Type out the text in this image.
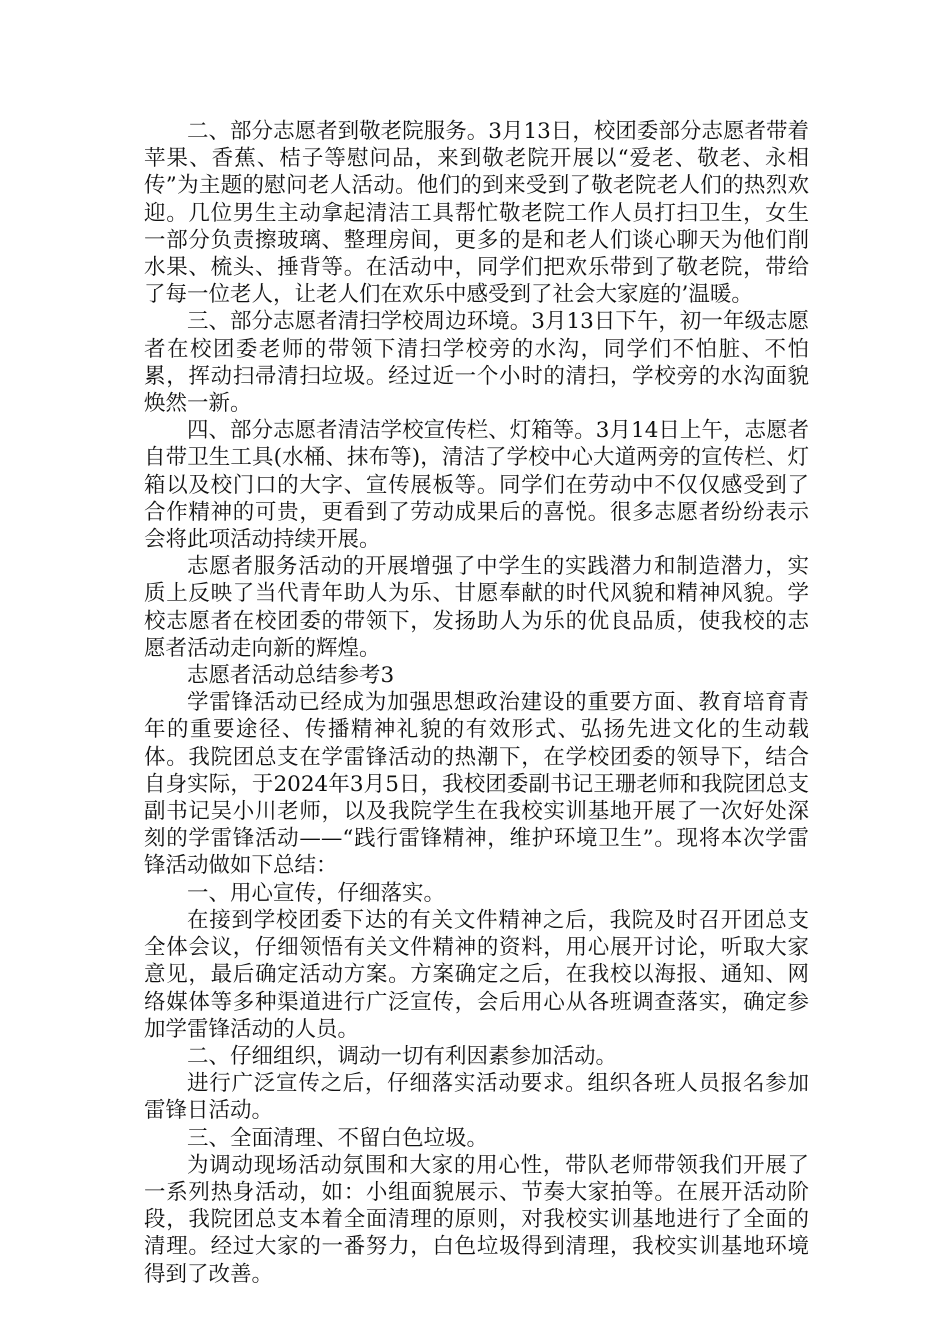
二、部分志愿者到敬老院服务。3月13日，校团委部分志愿者带着苹果、香蕉、桔子等慰问品，来到敬老院开展以“爱老、敬老、永相传”为主题的慰问老人活动。他们的到来受到了敬老院老人们的热烈欢迎。几位男生主动拿起清洁工具帮忙敬老院工作人员打扫卫生，女生一部分负责擦玻璃、整理房间，更多的是和老人们谈心聊天为他们削水果、梳头、捶背等。在活动中，同学们把欢乐带到了敬老院，带给了每一位老人，让老人们在欢乐中感受到了社会大家庭的’温暖。

三、部分志愿者清扫学校周边环境。3月13日下午，初一年级志愿者在校团委老师的带领下清扫学校旁的水沟，同学们不怕脏、不怕累，挥动扫帚清扫垃圾。经过近一个小时的清扫，学校旁的水沟面貌焕然一新。

四、部分志愿者清洁学校宣传栏、灯箱等。3月14日上午，志愿者自带卫生工具(水桶、抹布等)，清洁了学校中心大道两旁的宣传栏、灯箱以及校门口的大字、宣传展板等。同学们在劳动中不仅仅感受到了合作精神的可贵，更看到了劳动成果后的喜悦。很多志愿者纷纷表示会将此项活动持续开展。

志愿者服务活动的开展增强了中学生的实践潜力和制造潜力，实质上反映了当代青年助人为乐、甘愿奉献的时代风貌和精神风貌。学校志愿者在校团委的带领下，发扬助人为乐的优良品质，使我校的志愿者活动走向新的辉煌。

志愿者活动总结参考3

学雷锋活动已经成为加强思想政治建设的重要方面、教育培育青年的重要途径、传播精神礼貌的有效形式、弘扬先进文化的生动载体。我院团总支在学雷锋活动的热潮下，在学校团委的领导下，结合自身实际，于2024年3月5日，我校团委副书记王珊老师和我院团总支副书记吴小川老师，以及我院学生在我校实训基地开展了一次好处深刻的学雷锋活动——“践行雷锋精神，维护环境卫生”。现将本次学雷锋活动做如下总结：

一、用心宣传，仔细落实。

在接到学校团委下达的有关文件精神之后，我院及时召开团总支全体会议，仔细领悟有关文件精神的资料，用心展开讨论，听取大家意见，最后确定活动方案。方案确定之后，在我校以海报、通知、网络媒体等多种渠道进行广泛宣传，会后用心从各班调查落实，确定参加学雷锋活动的人员。

二、仔细组织，调动一切有利因素参加活动。

进行广泛宣传之后，仔细落实活动要求。组织各班人员报名参加雷锋日活动。

三、全面清理、不留白色垃圾。

为调动现场活动氛围和大家的用心性，带队老师带领我们开展了一系列热身活动，如：小组面貌展示、节奏大家拍等。在展开活动阶段，我院团总支本着全面清理的原则，对我校实训基地进行了全面的清理。经过大家的一番努力，白色垃圾得到清理，我校实训基地环境得到了改善。
